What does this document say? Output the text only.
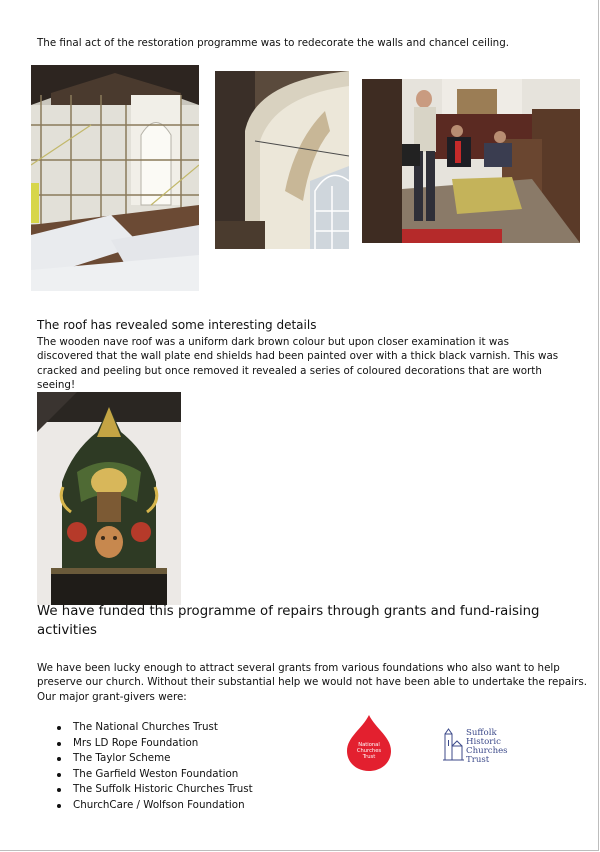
The final act of the restoration programme was to redecorate the walls and chancel ceiling.
The roof has revealed some interesting details
The wooden nave roof was a uniform dark brown colour but upon closer examination it was discovered that the wall plate end shields had been painted over with a thick black varnish. This was cracked and peeling but once removed it revealed a series of coloured decorations that are worth seeing!
We have funded this programme of repairs through grants and fund-raising activities
We have been lucky enough to attract several grants from various foundations who also want to help preserve our church. Without their substantial help we would not have been able to undertake the repairs. Our major grant-givers were:
The National Churches Trust
Mrs LD Rope Foundation
The Taylor Scheme
The Garfield Weston Foundation
The Suffolk Historic Churches Trust
ChurchCare / Wolfson Foundation
National
Churches
Trust
Suffolk
Historic
Churches
Trust
